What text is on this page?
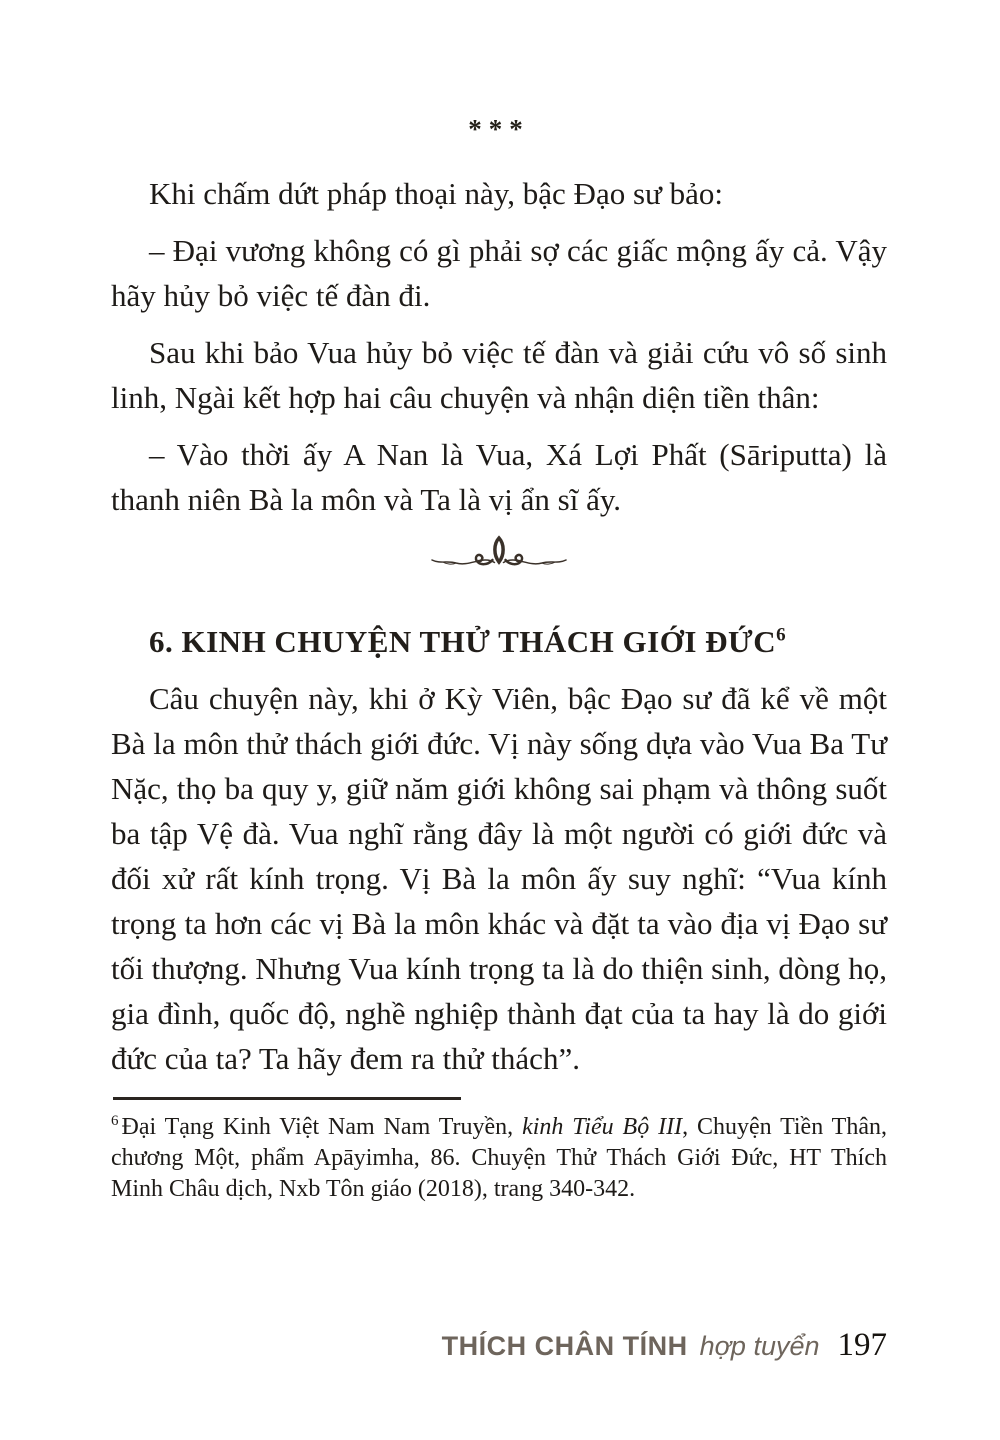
***

Khi chấm dứt pháp thoại này, bậc Đạo sư bảo:

– Đại vương không có gì phải sợ các giấc mộng ấy cả. Vậy hãy hủy bỏ việc tế đàn đi.

Sau khi bảo Vua hủy bỏ việc tế đàn và giải cứu vô số sinh linh, Ngài kết hợp hai câu chuyện và nhận diện tiền thân:

– Vào thời ấy A Nan là Vua, Xá Lợi Phất (Sāriputta) là thanh niên Bà la môn và Ta là vị ẩn sĩ ấy.

6. KINH CHUYỆN THỬ THÁCH GIỚI ĐỨC$^6$

Câu chuyện này, khi ở Kỳ Viên, bậc Đạo sư đã kể về một Bà la môn thử thách giới đức. Vị này sống dựa vào Vua Ba Tư Nặc, thọ ba quy y, giữ năm giới không sai phạm và thông suốt ba tập Vệ đà. Vua nghĩ rằng đây là một người có giới đức và đối xử rất kính trọng. Vị Bà la môn ấy suy nghĩ: “Vua kính trọng ta hơn các vị Bà la môn khác và đặt ta vào địa vị Đạo sư tối thượng. Nhưng Vua kính trọng ta là do thiện sinh, dòng họ, gia đình, quốc độ, nghề nghiệp thành đạt của ta hay là do giới đức của ta? Ta hãy đem ra thử thách”.

$^6$ Đại Tạng Kinh Việt Nam Nam Truyền, kinh Tiểu Bộ III, Chuyện Tiền Thân, chương Một, phẩm Apāyimha, 86. Chuyện Thử Thách Giới Đức, HT Thích Minh Châu dịch, Nxb Tôn giáo (2018), trang 340-342.

THÍCH CHÂN TÍNH hợp tuyển 197
